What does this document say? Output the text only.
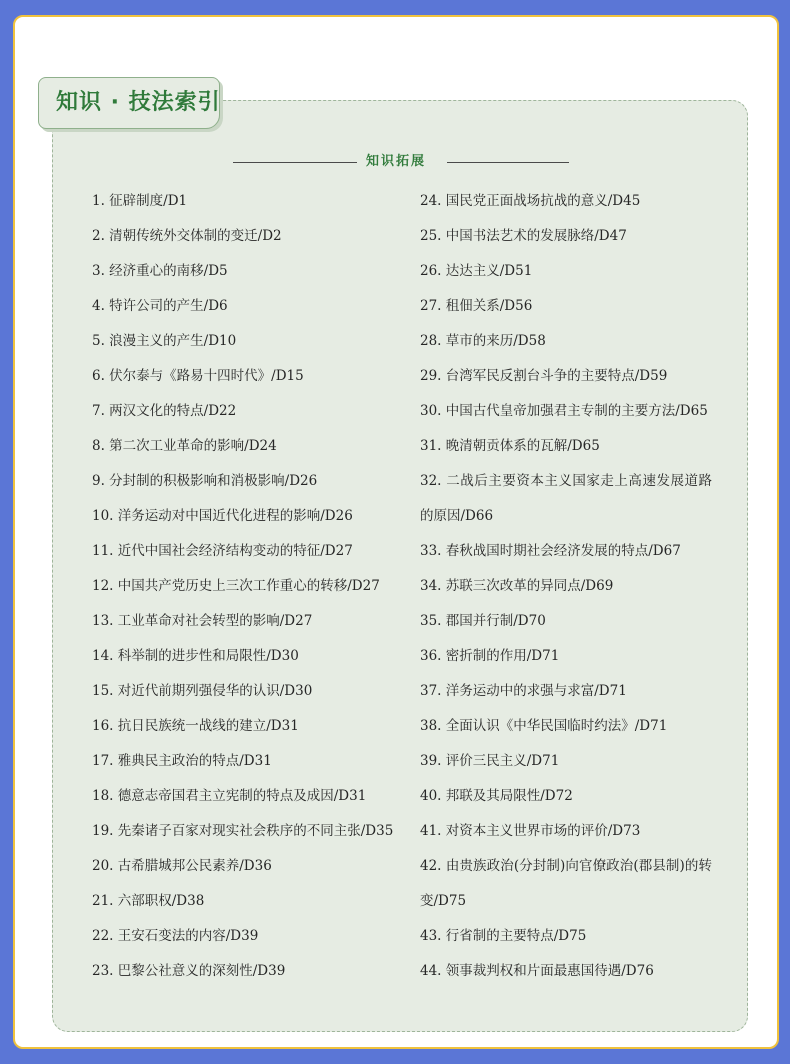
知识 · 技法索引
知识拓展
1. 征辟制度/D1
2. 清朝传统外交体制的变迁/D2
3. 经济重心的南移/D5
4. 特许公司的产生/D6
5. 浪漫主义的产生/D10
6. 伏尔泰与《路易十四时代》/D15
7. 两汉文化的特点/D22
8. 第二次工业革命的影响/D24
9. 分封制的积极影响和消极影响/D26
10. 洋务运动对中国近代化进程的影响/D26
11. 近代中国社会经济结构变动的特征/D27
12. 中国共产党历史上三次工作重心的转移/D27
13. 工业革命对社会转型的影响/D27
14. 科举制的进步性和局限性/D30
15. 对近代前期列强侵华的认识/D30
16. 抗日民族统一战线的建立/D31
17. 雅典民主政治的特点/D31
18. 德意志帝国君主立宪制的特点及成因/D31
19. 先秦诸子百家对现实社会秩序的不同主张/D35
20. 古希腊城邦公民素养/D36
21. 六部职权/D38
22. 王安石变法的内容/D39
23. 巴黎公社意义的深刻性/D39
24. 国民党正面战场抗战的意义/D45
25. 中国书法艺术的发展脉络/D47
26. 达达主义/D51
27. 租佃关系/D56
28. 草市的来历/D58
29. 台湾军民反割台斗争的主要特点/D59
30. 中国古代皇帝加强君主专制的主要方法/D65
31. 晚清朝贡体系的瓦解/D65
32. 二战后主要资本主义国家走上高速发展道路的原因/D66
33. 春秋战国时期社会经济发展的特点/D67
34. 苏联三次改革的异同点/D69
35. 郡国并行制/D70
36. 密折制的作用/D71
37. 洋务运动中的求强与求富/D71
38. 全面认识《中华民国临时约法》/D71
39. 评价三民主义/D71
40. 邦联及其局限性/D72
41. 对资本主义世界市场的评价/D73
42. 由贵族政治(分封制)向官僚政治(郡县制)的转变/D75
43. 行省制的主要特点/D75
44. 领事裁判权和片面最惠国待遇/D76
